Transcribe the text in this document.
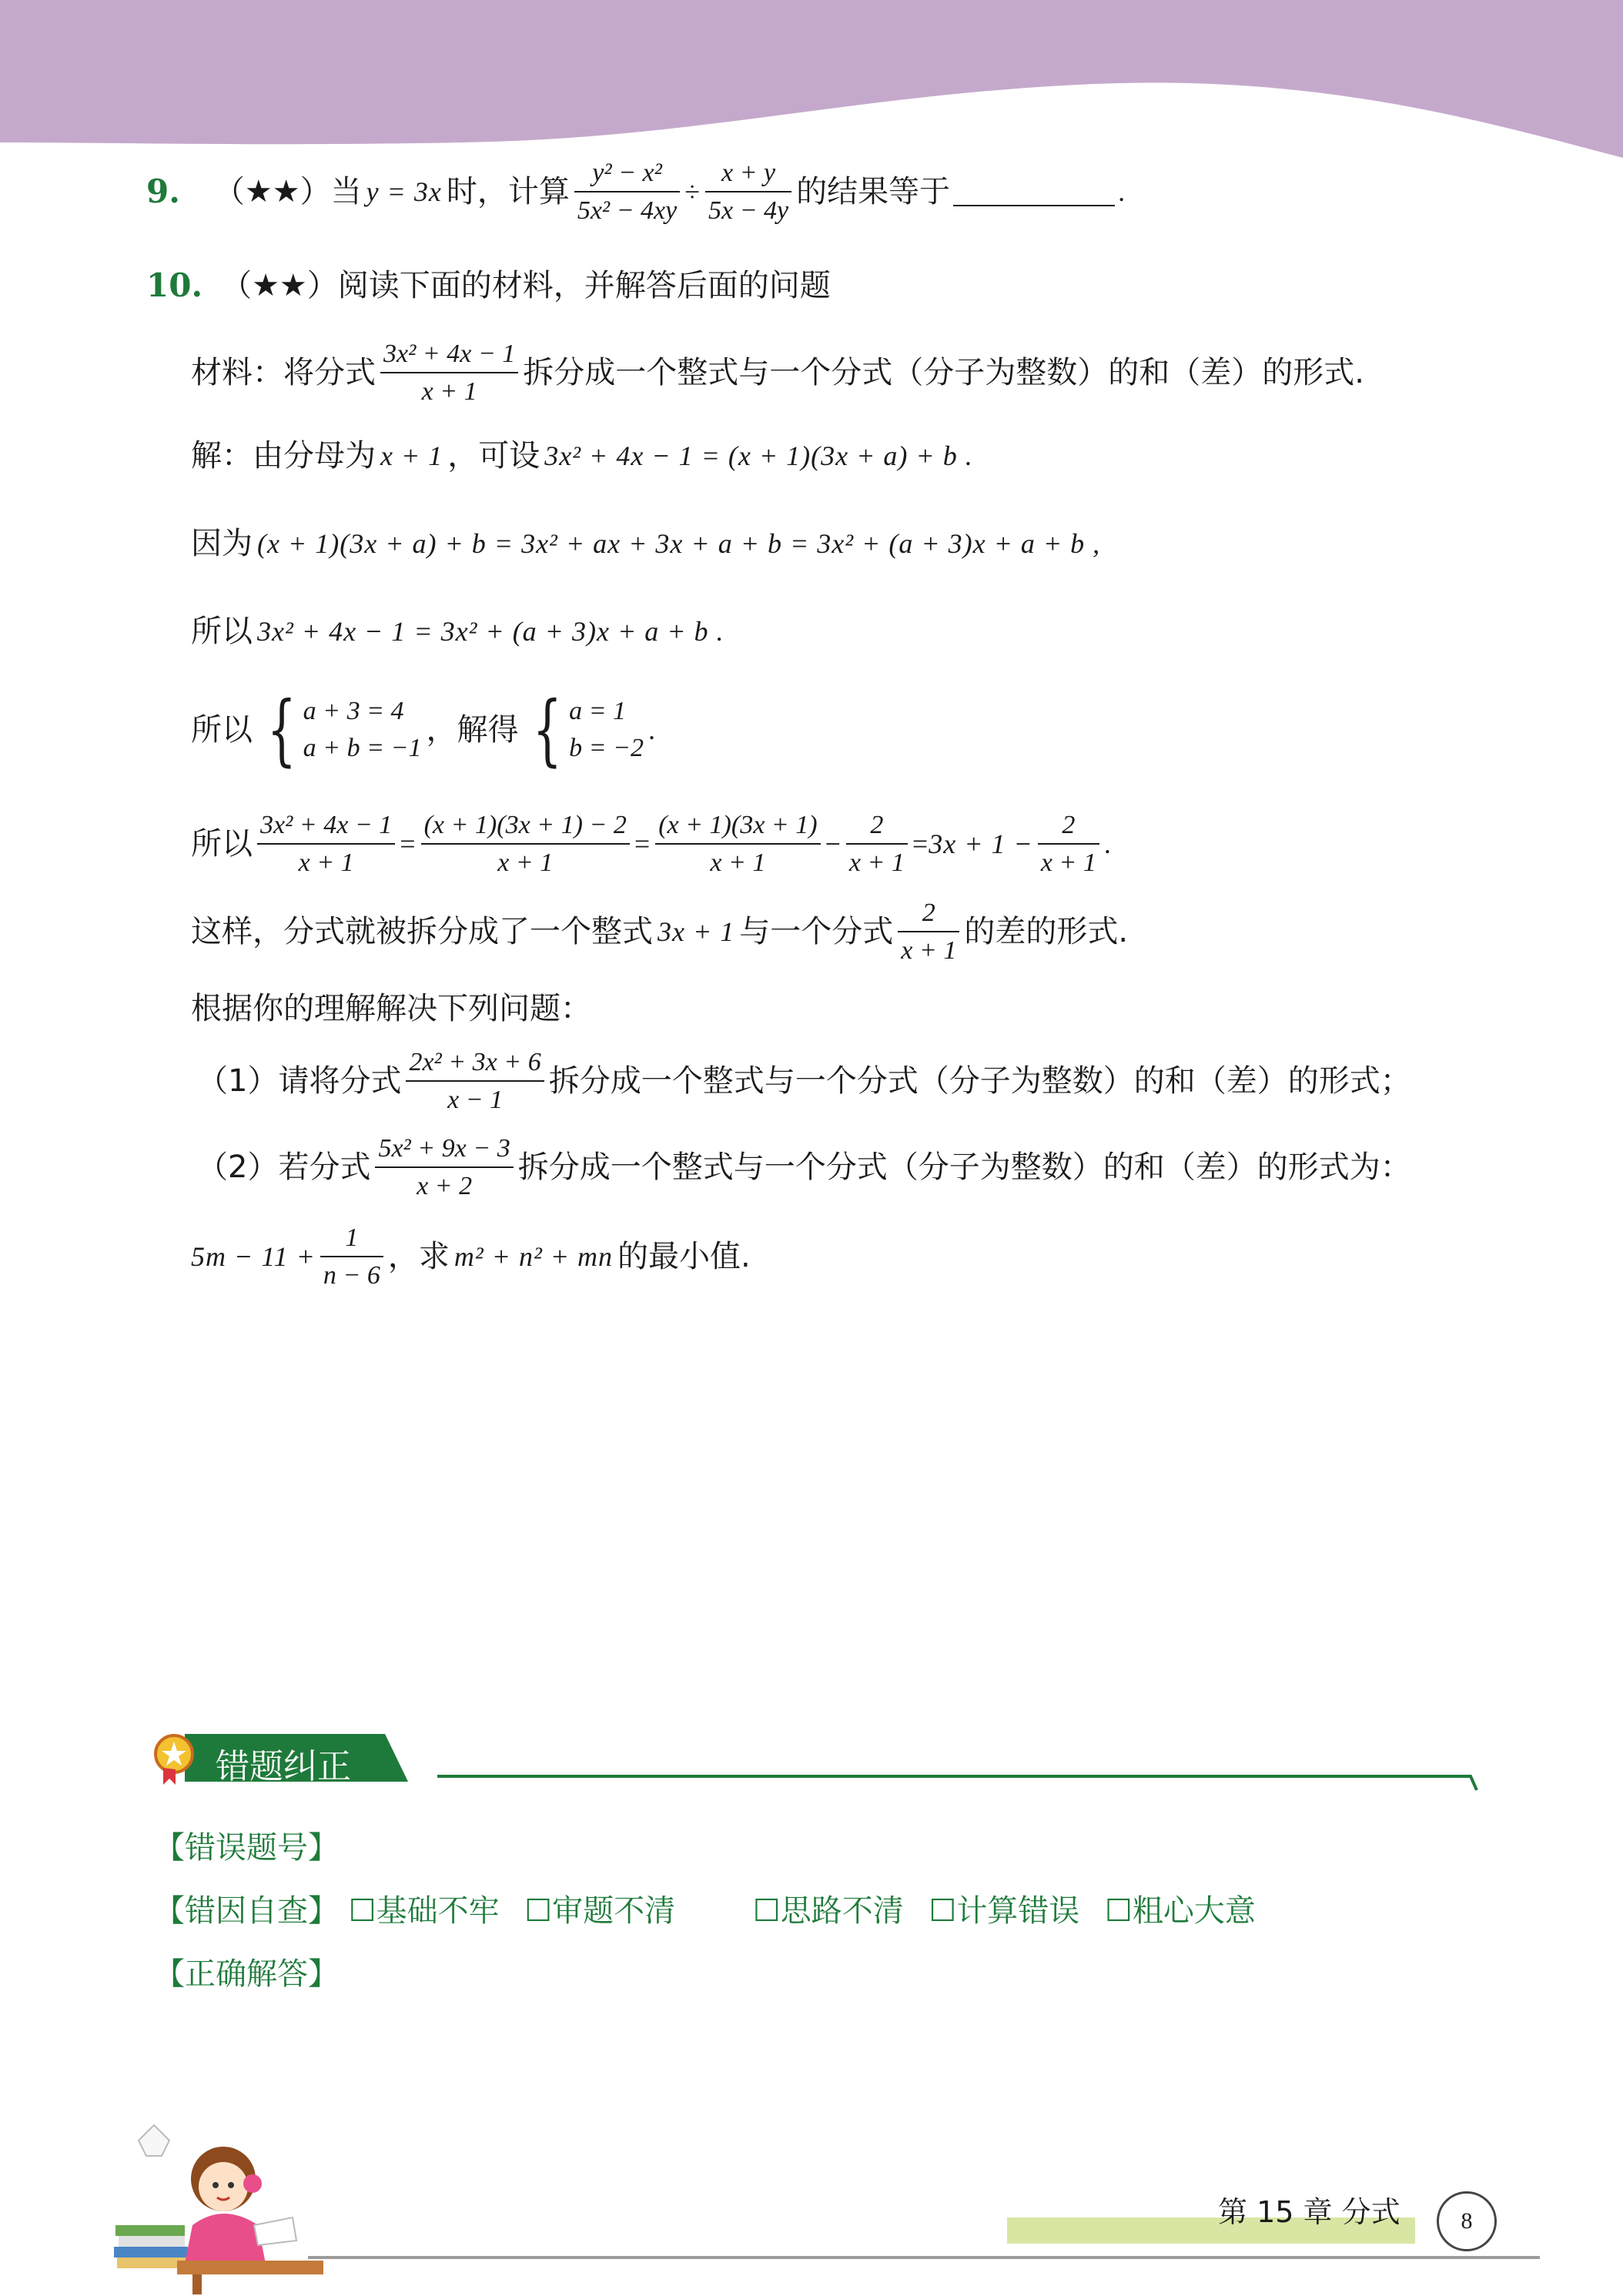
9. （★★） 当 y = 3x 时，计算 $\frac{\text{y² − x²}}{\text{5x² − 4xy}} \div \frac{x + y}{5x - 4y}$ 的结果等于	.
10. （★★） 阅读下面的材料，并解答后面的问题
材料：将分式 $\frac{\text{3x² + 4x − 1}}{x + 1}$ 拆分成一个整式与一个分式（分子为整数）的和（差）的形式.
解：由分母为 x + 1 ，可设 3x² + 4x − 1 = (x + 1)(3x + a) + b .
因为 (x + 1)(3x + a) + b = 3x² + ax + 3x + a + b = 3x² + (a + 3)x + a + b ,
所以 3x² + 4x − 1 = 3x² + (a + 3)x + a + b .
所以 { a + 3 = 4
a + b = −1
，解得 { a = 1
b = −2
.
所以 $\frac{\text{3x² + 4x − 1}}{x + 1} = \frac{(x + 1)(3x + 1) - 2}{x + 1} = \frac{(x + 1)(3x + 1)}{x + 1} - \frac{2}{x + 1} = 3x + 1 - \frac{2}{x + 1}$ .
这样，分式就被拆分成了一个整式 3x + 1 与一个分式 $\frac{2}{x + 1}$ 的差的形式.
根据你的理解解决下列问题：
（1）请将分式 $\frac{\text{2x² + 3x + 6}}{x - 1}$ 拆分成一个整式与一个分式（分子为整数）的和（差）的形式；
（2）若分式 $\frac{\text{5x² + 9x − 3}}{x + 2}$ 拆分成一个整式与一个分式（分子为整数）的和（差）的形式为：
$5m - 11 + \frac{1}{n - 6}$ ，求 m² + n² + mn 的最小值.
错题纠正
【错误题号】
【错因自查】 ☐基础不牢 ☐审题不清	☐思路不清 ☐计算错误 ☐粗心大意
【正确解答】
第 15 章 分式	8
